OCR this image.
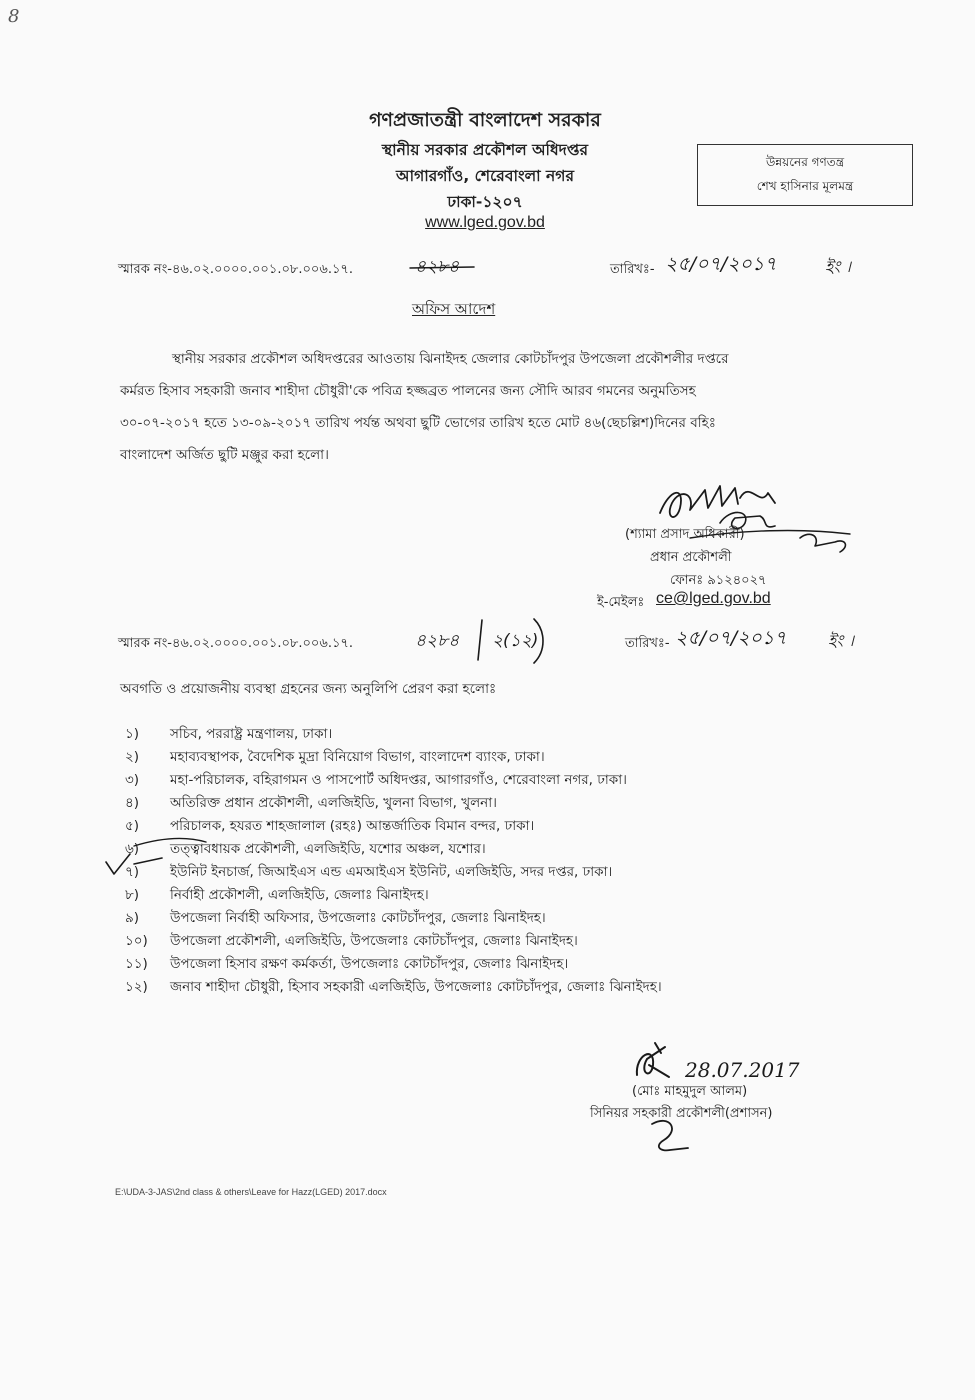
8
গণপ্রজাতন্ত্রী বাংলাদেশ সরকার
স্থানীয় সরকার প্রকৌশল অধিদপ্তর
আগারগাঁও, শেরেবাংলা নগর
ঢাকা-১২০৭
www.lged.gov.bd
উন্নয়নের গণতন্ত্র
শেখ হাসিনার মূলমন্ত্র
স্মারক নং-৪৬.০২.০০০০.০০১.০৮.০০৬.১৭.	৪২৮৪	তারিখঃ- ২৫/০৭/২০১৭	ইং ।
অফিস আদেশ
স্থানীয় সরকার প্রকৌশল অধিদপ্তরের আওতায় ঝিনাইদহ জেলার কোটচাঁদপুর উপজেলা প্রকৌশলীর দপ্তরে
কর্মরত হিসাব সহকারী জনাব শাহীদা চৌধুরী'কে পবিত্র হজ্জব্রত পালনের জন্য সৌদি আরব গমনের অনুমতিসহ
৩০-০৭-২০১৭ হতে ১৩-০৯-২০১৭ তারিখ পর্যন্ত অথবা ছুটি ভোগের তারিখ হতে মোট ৪৬(ছেচল্লিশ)দিনের বহিঃ
বাংলাদেশ অর্জিত ছুটি মঞ্জুর করা হলো।
(শ্যামা প্রসাদ অধিকারী)
প্রধান প্রকৌশলী
ফোনঃ ৯১২৪০২৭
ই-মেইলঃ ce@lged.gov.bd
স্মারক নং-৪৬.০২.০০০০.০০১.০৮.০০৬.১৭.	৪২৮৪ ২(১২)	তারিখঃ- ২৫/০৭/২০১৭	ইং ।
অবগতি ও প্রয়োজনীয় ব্যবস্থা গ্রহনের জন্য অনুলিপি প্রেরণ করা হলোঃ
১)	সচিব, পররাষ্ট্র মন্ত্রণালয়, ঢাকা।
২)	মহাব্যবস্থাপক, বৈদেশিক মুদ্রা বিনিয়োগ বিভাগ, বাংলাদেশ ব্যাংক, ঢাকা।
৩)	মহা-পরিচালক, বহিরাগমন ও পাসপোর্ট অধিদপ্তর, আগারগাঁও, শেরেবাংলা নগর, ঢাকা।
৪)	অতিরিক্ত প্রধান প্রকৌশলী, এলজিইডি, খুলনা বিভাগ, খুলনা।
৫)	পরিচালক, হযরত শাহজালাল (রহঃ) আন্তর্জাতিক বিমান বন্দর, ঢাকা।
৬)	তত্ত্বাবধায়ক প্রকৌশলী, এলজিইডি, যশোর অঞ্চল, যশোর।
৭)	ইউনিট ইনচার্জ, জিআইএস এন্ড এমআইএস ইউনিট, এলজিইডি, সদর দপ্তর, ঢাকা।
৮)	নির্বাহী প্রকৌশলী, এলজিইডি, জেলাঃ ঝিনাইদহ।
৯)	উপজেলা নির্বাহী অফিসার, উপজেলাঃ কোটচাঁদপুর, জেলাঃ ঝিনাইদহ।
১০)	উপজেলা প্রকৌশলী, এলজিইডি, উপজেলাঃ কোটচাঁদপুর, জেলাঃ ঝিনাইদহ।
১১)	উপজেলা হিসাব রক্ষণ কর্মকর্তা, উপজেলাঃ কোটচাঁদপুর, জেলাঃ ঝিনাইদহ।
১২)	জনাব শাহীদা চৌধুরী, হিসাব সহকারী এলজিইডি, উপজেলাঃ কোটচাঁদপুর, জেলাঃ ঝিনাইদহ।
28.07.2017
(মোঃ মাহমুদুল আলম)
সিনিয়র সহকারী প্রকৌশলী(প্রশাসন)
E:\UDA-3-JAS\2nd class & others\Leave for Hazz(LGED) 2017.docx
